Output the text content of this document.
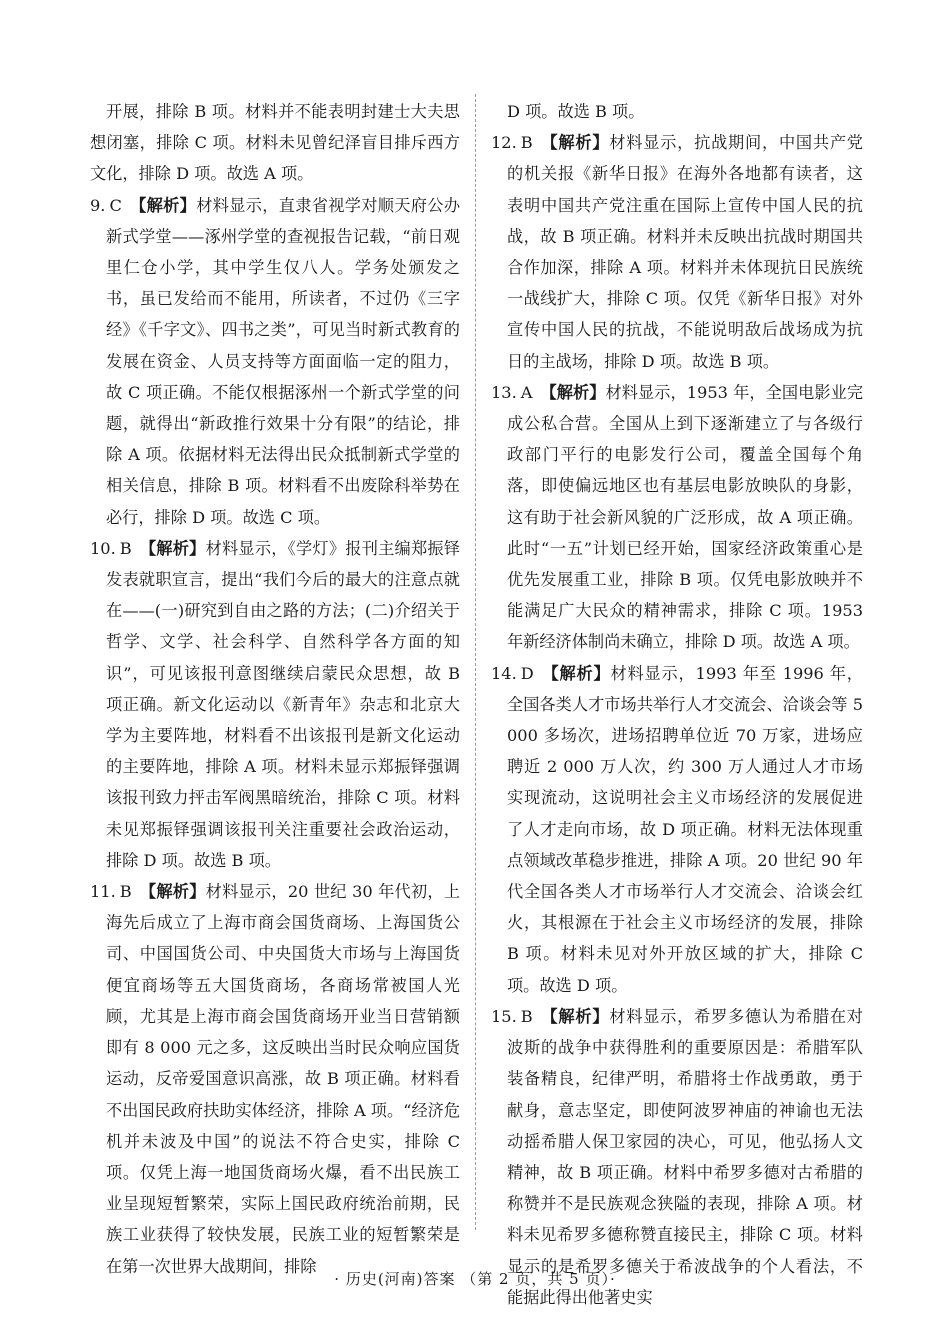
开展，排除 B 项。材料并不能表明封建士大夫思想闭塞，排除 C 项。材料未见曾纪泽盲目排斥西方文化，排除 D 项。故选 A 项。

9. C 【解析】材料显示，直隶省视学对顺天府公办新式学堂——涿州学堂的查视报告记载，“前日观里仁仓小学，其中学生仅八人。学务处颁发之书，虽已发给而不能用，所读者，不过仍《三字经》《千字文》、四书之类”，可见当时新式教育的发展在资金、人员支持等方面面临一定的阻力，故 C 项正确。不能仅根据涿州一个新式学堂的问题，就得出“新政推行效果十分有限”的结论，排除 A 项。依据材料无法得出民众抵制新式学堂的相关信息，排除 B 项。材料看不出废除科举势在必行，排除 D 项。故选 C 项。

10. B 【解析】材料显示，《学灯》报刊主编郑振铎发表就职宣言，提出“我们今后的最大的注意点就在——(一)研究到自由之路的方法；(二)介绍关于哲学、文学、社会科学、自然科学各方面的知识”，可见该报刊意图继续启蒙民众思想，故 B 项正确。新文化运动以《新青年》杂志和北京大学为主要阵地，材料看不出该报刊是新文化运动的主要阵地，排除 A 项。材料未显示郑振铎强调该报刊致力抨击军阀黑暗统治，排除 C 项。材料未见郑振铎强调该报刊关注重要社会政治运动，排除 D 项。故选 B 项。

11. B 【解析】材料显示，20 世纪 30 年代初，上海先后成立了上海市商会国货商场、上海国货公司、中国国货公司、中央国货大市场与上海国货便宜商场等五大国货商场，各商场常被国人光顾，尤其是上海市商会国货商场开业当日营销额即有 8 000 元之多，这反映出当时民众响应国货运动，反帝爱国意识高涨，故 B 项正确。材料看不出国民政府扶助实体经济，排除 A 项。“经济危机并未波及中国”的说法不符合史实，排除 C 项。仅凭上海一地国货商场火爆，看不出民族工业呈现短暂繁荣，实际上国民政府统治前期，民族工业获得了较快发展，民族工业的短暂繁荣是在第一次世界大战期间，排除

D 项。故选 B 项。

12. B 【解析】材料显示，抗战期间，中国共产党的机关报《新华日报》在海外各地都有读者，这表明中国共产党注重在国际上宣传中国人民的抗战，故 B 项正确。材料并未反映出抗战时期国共合作加深，排除 A 项。材料并未体现抗日民族统一战线扩大，排除 C 项。仅凭《新华日报》对外宣传中国人民的抗战，不能说明敌后战场成为抗日的主战场，排除 D 项。故选 B 项。

13. A 【解析】材料显示，1953 年，全国电影业完成公私合营。全国从上到下逐渐建立了与各级行政部门平行的电影发行公司，覆盖全国每个角落，即使偏远地区也有基层电影放映队的身影，这有助于社会新风貌的广泛形成，故 A 项正确。此时“一五”计划已经开始，国家经济政策重心是优先发展重工业，排除 B 项。仅凭电影放映并不能满足广大民众的精神需求，排除 C 项。1953 年新经济体制尚未确立，排除 D 项。故选 A 项。

14. D 【解析】材料显示，1993 年至 1996 年，全国各类人才市场共举行人才交流会、洽谈会等 5 000 多场次，进场招聘单位近 70 万家，进场应聘近 2 000 万人次，约 300 万人通过人才市场实现流动，这说明社会主义市场经济的发展促进了人才走向市场，故 D 项正确。材料无法体现重点领域改革稳步推进，排除 A 项。20 世纪 90 年代全国各类人才市场举行人才交流会、洽谈会红火，其根源在于社会主义市场经济的发展，排除 B 项。材料未见对外开放区域的扩大，排除 C 项。故选 D 项。

15. B 【解析】材料显示，希罗多德认为希腊在对波斯的战争中获得胜利的重要原因是：希腊军队装备精良，纪律严明，希腊将士作战勇敢，勇于献身，意志坚定，即使阿波罗神庙的神谕也无法动摇希腊人保卫家园的决心，可见，他弘扬人文精神，故 B 项正确。材料中希罗多德对古希腊的称赞并不是民族观念狭隘的表现，排除 A 项。材料未见希罗多德称赞直接民主，排除 C 项。材料显示的是希罗多德关于希波战争的个人看法，不能据此得出他著史实

· 历史(河南)答案 （第 2 页，共 5 页）·
